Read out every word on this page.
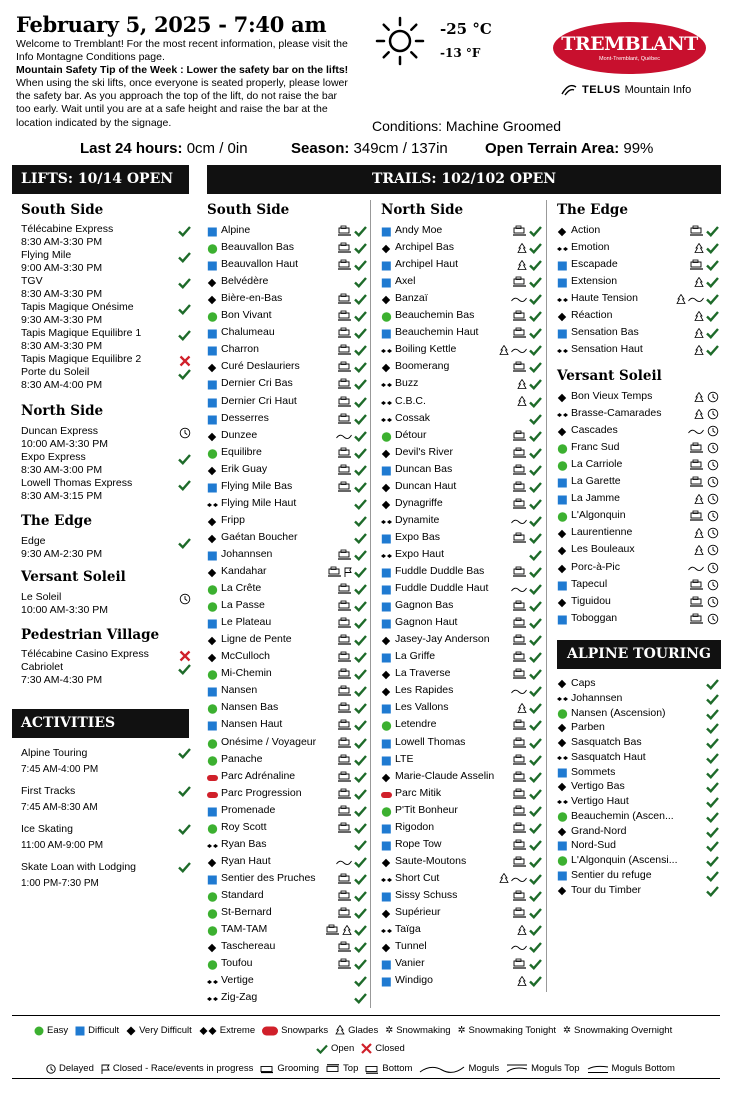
February 5, 2025 - 7:40 am
Welcome to Tremblant! For the most recent information, please visit the Info Montagne Conditions page.
Mountain Safety Tip of the Week : Lower the safety bar on the lifts!
When using the ski lifts, once everyone is seated properly, please lower the safety bar. As you approach the top of the lift, do not raise the bar too early. Wait until you are at a safe height and raise the bar at the location indicated by the signage.
-25 °C
-13 °F	TREMBLANT
Mont-Tremblant, Québec
TELUS Mountain Info
Conditions: Machine Groomed
Last 24 hours: 0cm / 0in	Season: 349cm / 137in Open Terrain Area: 99%
LIFTS: 10/14 OPEN	TRAILS: 102/102 OPEN
South Side
Télécabine Express
8:30 AM-3:30 PM
Flying Mile
9:00 AM-3:30 PM
TGV
8:30 AM-3:30 PM
Tapis Magique Onésime
9:30 AM-3:30 PM
Tapis Magique Equilibre 1
8:30 AM-3:30 PM
Tapis Magique Equilibre 2
Porte du Soleil
8:30 AM-4:00 PM
North Side
Duncan Express
10:00 AM-3:30 PM
Expo Express
8:30 AM-3:00 PM
Lowell Thomas Express
8:30 AM-3:15 PM
The Edge
Edge
9:30 AM-2:30 PM
Versant Soleil
Le Soleil
10:00 AM-3:30 PM
Pedestrian Village
Télécabine Casino Express
Cabriolet
7:30 AM-4:30 PM
ACTIVITIES
Alpine Touring
7:45 AM-4:00 PM
First Tracks
7:45 AM-8:30 AM
Ice Skating
11:00 AM-9:00 PM
Skate Loan with Lodging
1:00 PM-7:30 PM
South Side
Alpine
Beauvallon Bas
Beauvallon Haut
Belvédère
Bière-en-Bas
Bon Vivant
Chalumeau
Charron
Curé Deslauriers
Dernier Cri Bas
Dernier Cri Haut
Desserres
Dunzee
Equilibre
Erik Guay
Flying Mile Bas
Flying Mile Haut
Fripp
Gaétan Boucher
Johannsen
Kandahar
La Crête
La Passe
Le Plateau
Ligne de Pente
McCulloch
Mi-Chemin
Nansen
Nansen Bas
Nansen Haut
Onésime / Voyageur
Panache
Parc Adrénaline
Parc Progression
Promenade
Roy Scott
Ryan Bas
Ryan Haut
Sentier des Pruches
Standard
St-Bernard
TAM-TAM
Taschereau
Toufou
Vertige
Zig-Zag
North Side
Andy Moe
Archipel Bas
Archipel Haut
Axel
Banzaï
Beauchemin Bas
Beauchemin Haut
Boiling Kettle
Boomerang
Buzz
C.B.C.
Cossak
Détour
Devil's River
Duncan Bas
Duncan Haut
Dynagriffe
Dynamite
Expo Bas
Expo Haut
Fuddle Duddle Bas
Fuddle Duddle Haut
Gagnon Bas
Gagnon Haut
Jasey-Jay Anderson
La Griffe
La Traverse
Les Rapides
Les Vallons
Letendre
Lowell Thomas
LTE
Marie-Claude Asselin
Parc Mitik
P'Tit Bonheur
Rigodon
Rope Tow
Saute-Moutons
Short Cut
Sissy Schuss
Supérieur
Taïga
Tunnel
Vanier
Windigo
The Edge
Action
Emotion
Escapade
Extension
Haute Tension
Réaction
Sensation Bas
Sensation Haut
Versant Soleil
Bon Vieux Temps
Brasse-Camarades
Cascades
Franc Sud
La Carriole
La Garette
La Jamme
L'Algonquin
Laurentienne
Les Bouleaux
Porc-à-Pic
Tapecul
Tiguidou
Toboggan
ALPINE TOURING
Caps
Johannsen
Nansen (Ascension)
Parben
Sasquatch Bas
Sasquatch Haut
Sommets
Vertigo Bas
Vertigo Haut
Beauchemin (Ascen...
Grand-Nord
Nord-Sud
L'Algonquin (Ascensi...
Sentier du refuge
Tour du Timber
Easy Difficult Very Difficult	Extreme	Snowparks Glades ✲ Snowmaking ✲ Snowmaking Tonight ✲ Snowmaking Overnight
Open Closed
Delayed Closed - Race/events in progress	Grooming	Top	Bottom	Moguls	Moguls Top	Moguls Bottom
